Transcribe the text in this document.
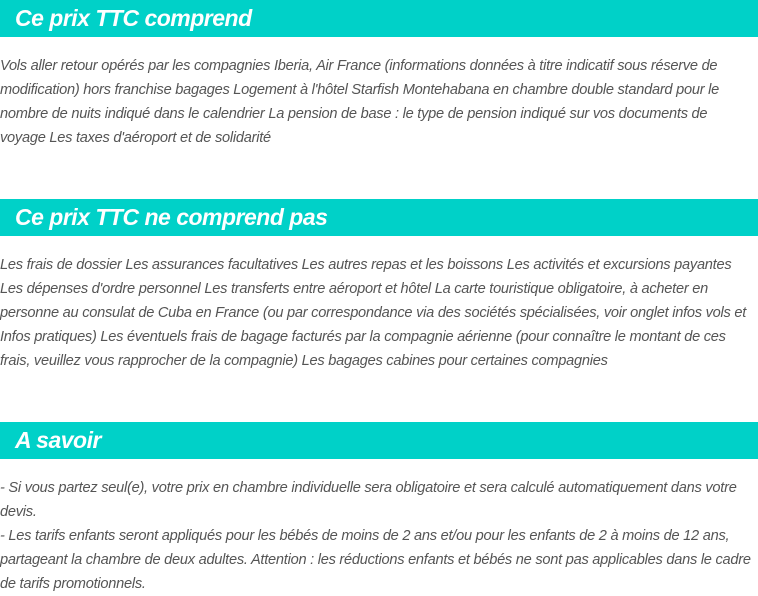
Ce prix TTC comprend

Vols aller retour opérés par les compagnies Iberia, Air France (informations données à titre indicatif sous réserve de modification) hors franchise bagages Logement à l'hôtel Starfish Montehabana en chambre double standard pour le nombre de nuits indiqué dans le calendrier La pension de base : le type de pension indiqué sur vos documents de voyage Les taxes d'aéroport et de solidarité

Ce prix TTC ne comprend pas

Les frais de dossier Les assurances facultatives Les autres repas et les boissons Les activités et excursions payantes Les dépenses d'ordre personnel Les transferts entre aéroport et hôtel La carte touristique obligatoire, à acheter en personne au consulat de Cuba en France (ou par correspondance via des sociétés spécialisées, voir onglet infos vols et Infos pratiques) Les éventuels frais de bagage facturés par la compagnie aérienne (pour connaître le montant de ces frais, veuillez vous rapprocher de la compagnie) Les bagages cabines pour certaines compagnies

A savoir

- Si vous partez seul(e), votre prix en chambre individuelle sera obligatoire et sera calculé automatiquement dans votre devis.

- Les tarifs enfants seront appliqués pour les bébés de moins de 2 ans et/ou pour les enfants de 2 à moins de 12 ans, partageant la chambre de deux adultes. Attention : les réductions enfants et bébés ne sont pas applicables dans le cadre de tarifs promotionnels.
